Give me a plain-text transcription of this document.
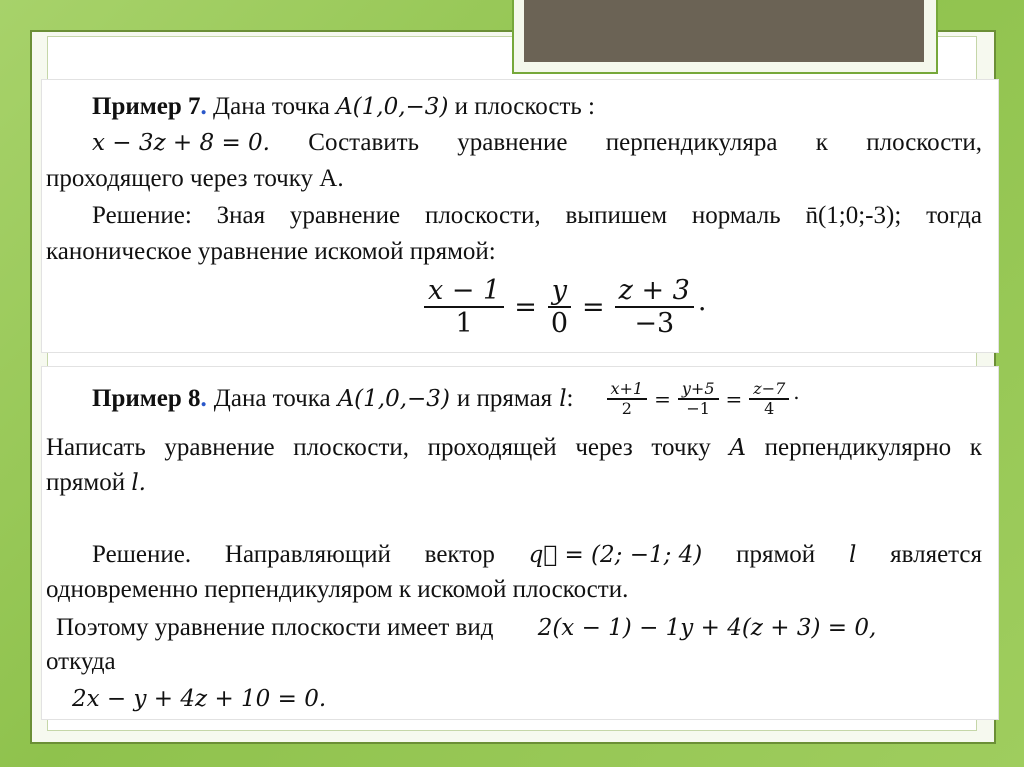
Пример 7. Дана точка A(1,0,−3) и плоскость :
x − 3z + 8 = 0. Составить уравнение перпендикуляра к плоскости,
проходящего через точку А.
Решение: Зная уравнение плоскости, выпишем нормаль n̄(1;0;-3); тогда
каноническое уравнение искомой прямой:
$\frac{x - 1}{1} = \frac{y}{0} = \frac{z + 3}{-3}$ .
Пример 8. Дана точка A(1,0,−3) и прямая l: $\frac{x+1}{2} = \frac{y+5}{-1} = \frac{z-7}{4}$ .
Написать уравнение плоскости, проходящей через точку A перпендикулярно к
прямой l.
Решение. Направляющий вектор q⃗ = (2; −1; 4) прямой l является
одновременно перпендикуляром к искомой плоскости.
Поэтому уравнение плоскости имеет вид 2(x − 1) − 1y + 4(z + 3) = 0,
откуда
2x − y + 4z + 10 = 0.
